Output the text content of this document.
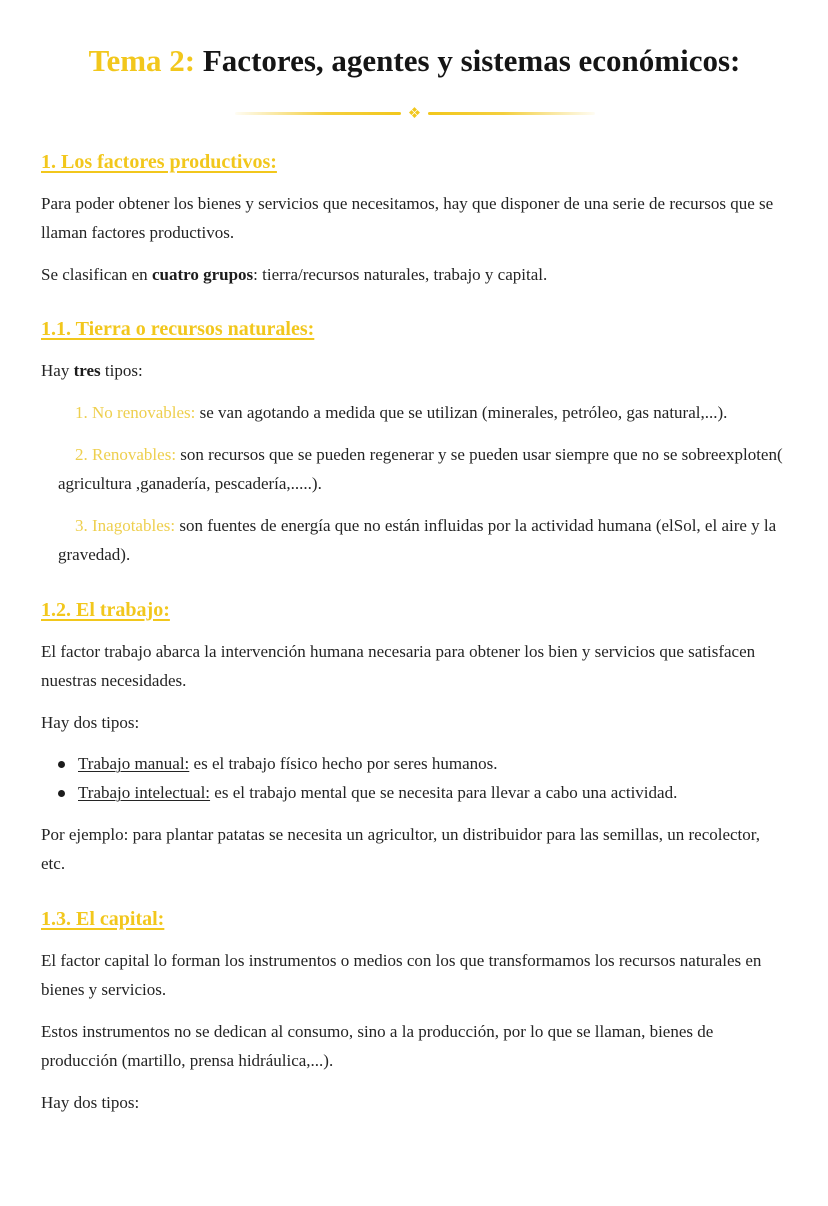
Tema 2: Factores, agentes y sistemas económicos:
❖
1. Los factores productivos:

Para poder obtener los bienes y servicios que necesitamos, hay que disponer de una serie de recursos que se llaman factores productivos.

Se clasifican en cuatro grupos: tierra/recursos naturales, trabajo y capital.

1.1. Tierra o recursos naturales:

Hay tres tipos:

1. No renovables: se van agotando a medida que se utilizan (minerales, petróleo, gas natural,...).
2. Renovables: son recursos que se pueden regenerar y se pueden usar siempre que no se sobreexploten( agricultura ,ganadería, pescadería,.....).
3. Inagotables: son fuentes de energía que no están influidas por la actividad humana (elSol, el aire y la gravedad).
1.2. El trabajo:

El factor trabajo abarca la intervención humana necesaria para obtener los bien y servicios que satisfacen nuestras necesidades.

Hay dos tipos:

Trabajo manual: es el trabajo físico hecho por seres humanos.
Trabajo intelectual: es el trabajo mental que se necesita para llevar a cabo una actividad.

Por ejemplo: para plantar patatas se necesita un agricultor, un distribuidor para las semillas, un recolector, etc.

1.3. El capital:

El factor capital lo forman los instrumentos o medios con los que transformamos los recursos naturales en bienes y servicios.

Estos instrumentos no se dedican al consumo, sino a la producción, por lo que se llaman, bienes de producción (martillo, prensa hidráulica,...).

Hay dos tipos:
